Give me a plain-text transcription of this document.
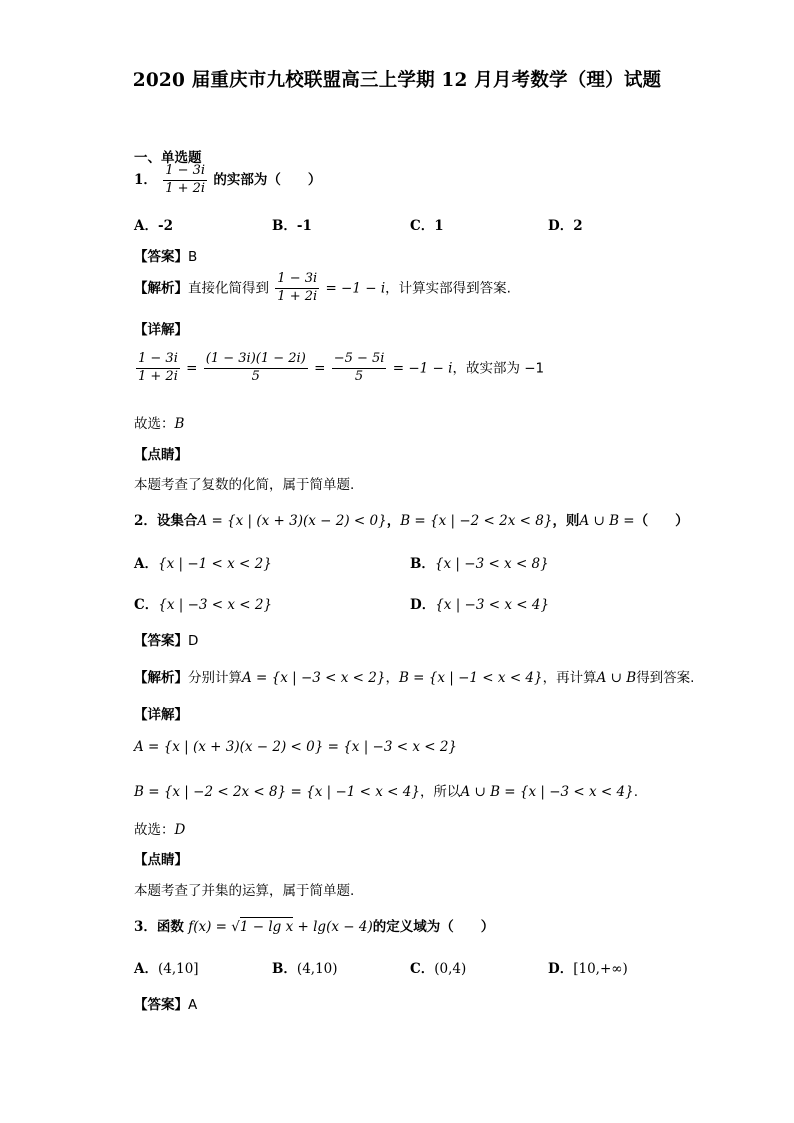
2020 届重庆市九校联盟高三上学期 12 月月考数学（理）试题
一、单选题
1． $\frac{1 - 3i}{1 + 2i}$ 的实部为（　　）
A．-2	B．-1	C．1	D．2
【答案】B
【解析】直接化简得到 $\frac{1 - 3i}{1 + 2i} = -1 - i$，计算实部得到答案.
【详解】
$\frac{1 - 3i}{1 + 2i} = \frac{(1 - 3i)(1 - 2i)}{5} = \frac{-5 - 5i}{5} = -1 - i$，故实部为 −1
故选：B
【点睛】
本题考查了复数的化简，属于简单题.
2．设集合A = {x | (x + 3)(x − 2) < 0}，B = {x | −2 < 2x < 8}，则A ∪ B =（　　）
A．{x | −1 < x < 2}	B．{x | −3 < x < 8}
C．{x | −3 < x < 2}	D．{x | −3 < x < 4}
【答案】D
【解析】分别计算A = {x | −3 < x < 2}，B = {x | −1 < x < 4}，再计算A ∪ B得到答案.
【详解】
A = {x | (x + 3)(x − 2) < 0} = {x | −3 < x < 2}
B = {x | −2 < 2x < 8} = {x | −1 < x < 4}，所以A ∪ B = {x | −3 < x < 4}.
故选：D
【点睛】
本题考查了并集的运算，属于简单题.
3．函数 f(x) = √1 − lg x + lg(x − 4)的定义域为（　　）
A．(4,10]	B．(4,10)	C．(0,4)	D．[10,+∞)
【答案】A
